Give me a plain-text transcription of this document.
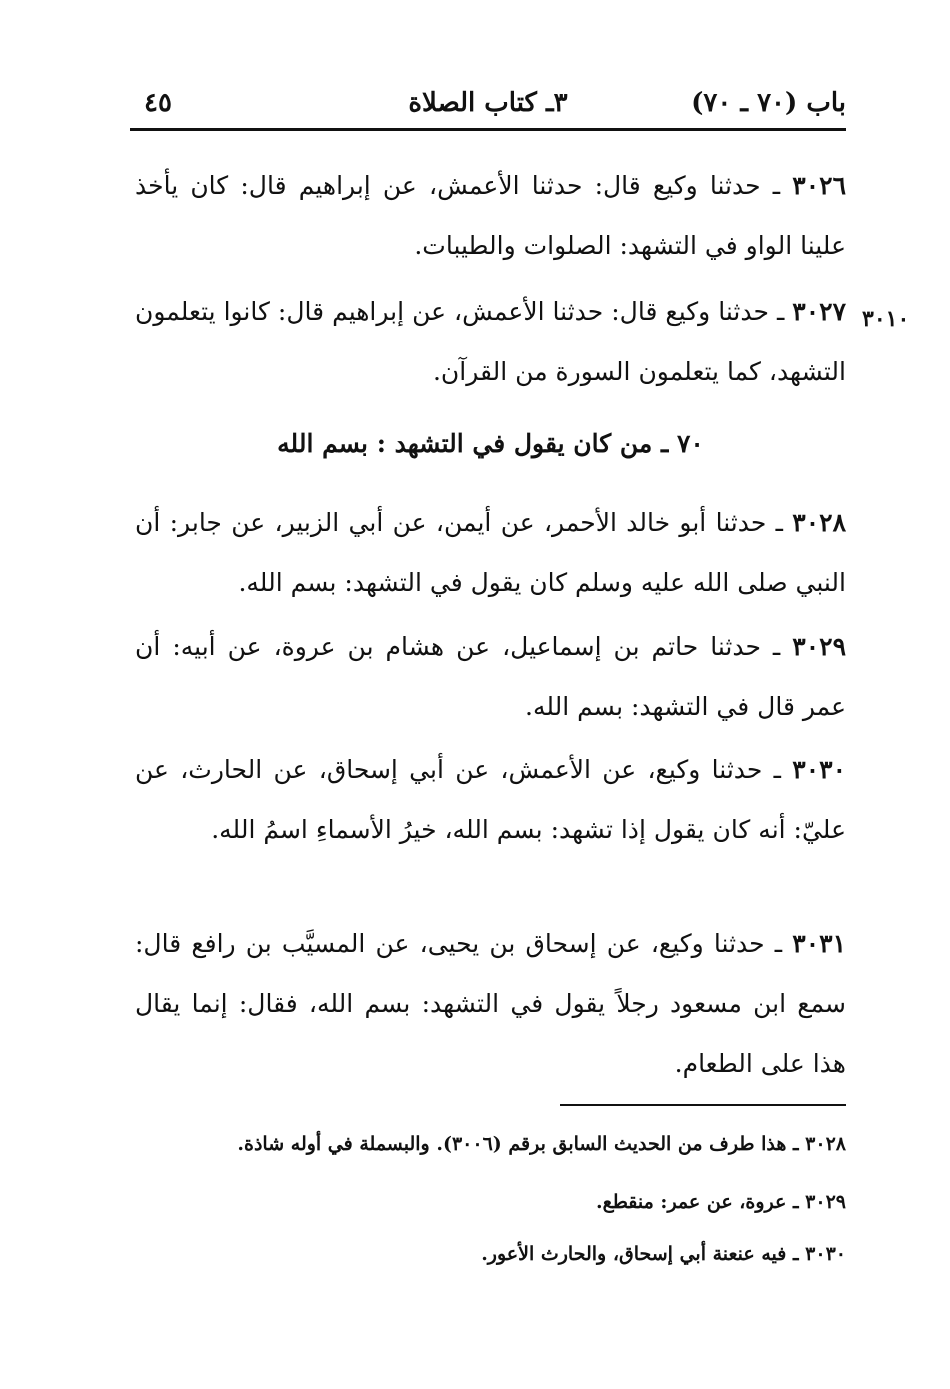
باب (٧٠ ـ ٧٠)
٣ـ كتاب الصلاة
٤٥

٣٠٢٦ ـ حدثنا وكيع قال: حدثنا الأعمش، عن إبراهيم قال: كان يأخذ علينا الواو في التشهد: الصلوات والطيبات.

٣٠١٠

٣٠٢٧ ـ حدثنا وكيع قال: حدثنا الأعمش، عن إبراهيم قال: كانوا يتعلمون التشهد، كما يتعلمون السورة من القرآن.

٧٠ ـ من كان يقول في التشهد : بسم الله

٣٠٢٨ ـ حدثنا أبو خالد الأحمر، عن أيمن، عن أبي الزبير، عن جابر: أن النبي صلى الله عليه وسلم كان يقول في التشهد: بسم الله.

٣٠٢٩ ـ حدثنا حاتم بن إسماعيل، عن هشام بن عروة، عن أبيه: أن عمر قال في التشهد: بسم الله.

٣٠٣٠ ـ حدثنا وكيع، عن الأعمش، عن أبي إسحاق، عن الحارث، عن عليّ: أنه كان يقول إذا تشهد: بسم الله، خيرُ الأسماءِ اسمُ الله.

٣٠٣١ ـ حدثنا وكيع، عن إسحاق بن يحيى، عن المسيَّب بن رافع قال: سمع ابن مسعود رجلاً يقول في التشهد: بسم الله، فقال: إنما يقال هذا على الطعام.

٣٠٢٨ ـ هذا طرف من الحديث السابق برقم (٣٠٠٦). والبسملة في أوله شاذة.
٣٠٢٩ ـ عروة، عن عمر: منقطع.
٣٠٣٠ ـ فيه عنعنة أبي إسحاق، والحارث الأعور.
